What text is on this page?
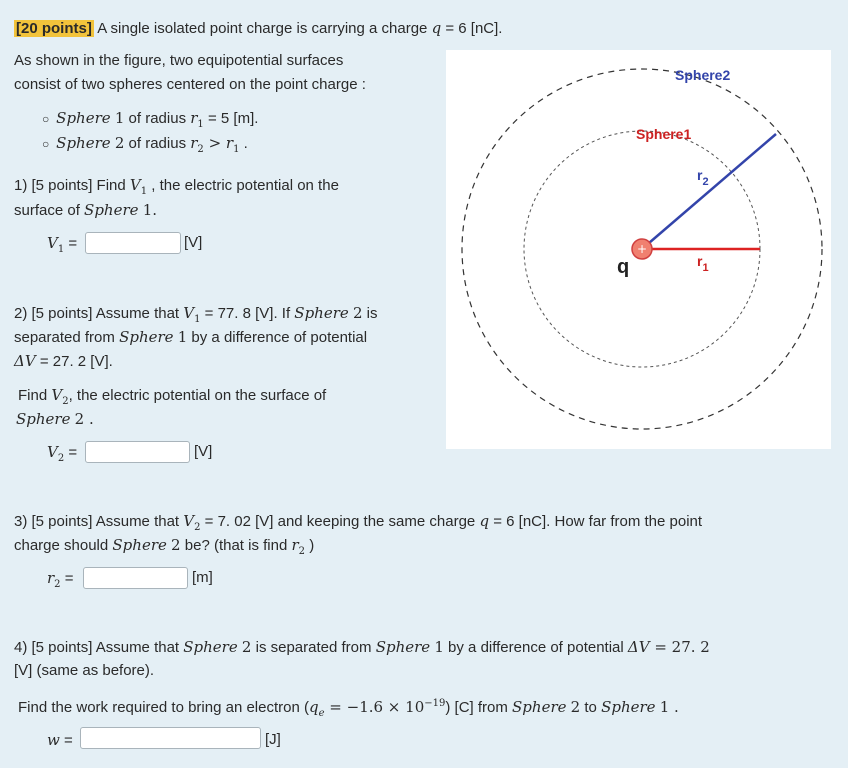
[20 points] A single isolated point charge is carrying a charge q = 6 [nC].
As shown in the figure, two equipotential surfaces
consist of two spheres centered on the point charge :
○ Sphere 1 of radius $r_1 = 5$ [m].
○ Sphere 2 of radius $r_2 > r_1$ .
1) [5 points] Find $V_1$ , the electric potential on the
surface of Sphere 1.
$V_1$ =	[V]
2) [5 points] Assume that $V_1 = 77$. 8 [V]. If Sphere 2 is
separated from Sphere 1 by a difference of potential
ΔV = 27. 2 [V].
Find $V_2$, the electric potential on the surface of
Sphere 2 .
$V_2$ =	[V]
3) [5 points] Assume that $V_2 = 7$. 02 [V] and keeping the same charge q = 6 [nC]. How far from the point
charge should Sphere 2 be? (that is find $r_2$ )
$r_2$ =	[m]
4) [5 points] Assume that Sphere 2 is separated from Sphere 1 by a difference of potential ΔV = 27. 2
[V] (same as before).
Find the work required to bring an electron $(q_e = -1.6 \times 10^{-19})$ [C] from Sphere 2 to Sphere 1 .
w =	[J]
+
q
Sphere1
Sphere2
$r_1$
$r_2$
